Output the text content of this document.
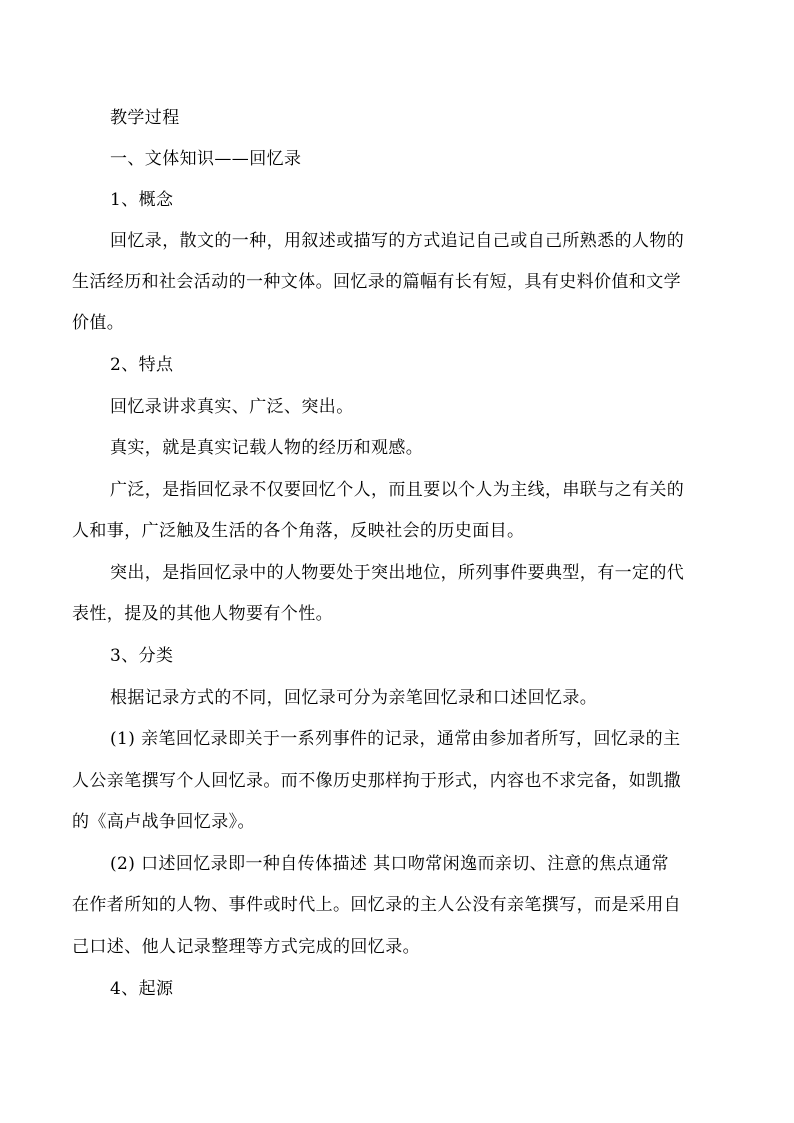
教学过程
一、文体知识——回忆录
1、概念
回忆录，散文的一种，用叙述或描写的方式追记自己或自己所熟悉的人物的
生活经历和社会活动的一种文体。回忆录的篇幅有长有短，具有史料价值和文学
价值。
2、特点
回忆录讲求真实、广泛、突出。
真实，就是真实记载人物的经历和观感。
广泛，是指回忆录不仅要回忆个人，而且要以个人为主线，串联与之有关的
人和事，广泛触及生活的各个角落，反映社会的历史面目。
突出，是指回忆录中的人物要处于突出地位，所列事件要典型，有一定的代
表性，提及的其他人物要有个性。
3、分类
根据记录方式的不同，回忆录可分为亲笔回忆录和口述回忆录。
(1) 亲笔回忆录即关于一系列事件的记录，通常由参加者所写，回忆录的主
人公亲笔撰写个人回忆录。而不像历史那样拘于形式，内容也不求完备，如凯撒
的《高卢战争回忆录》。
(2) 口述回忆录即一种自传体描述 其口吻常闲逸而亲切、注意的焦点通常
在作者所知的人物、事件或时代上。回忆录的主人公没有亲笔撰写，而是采用自
己口述、他人记录整理等方式完成的回忆录。
4、起源
